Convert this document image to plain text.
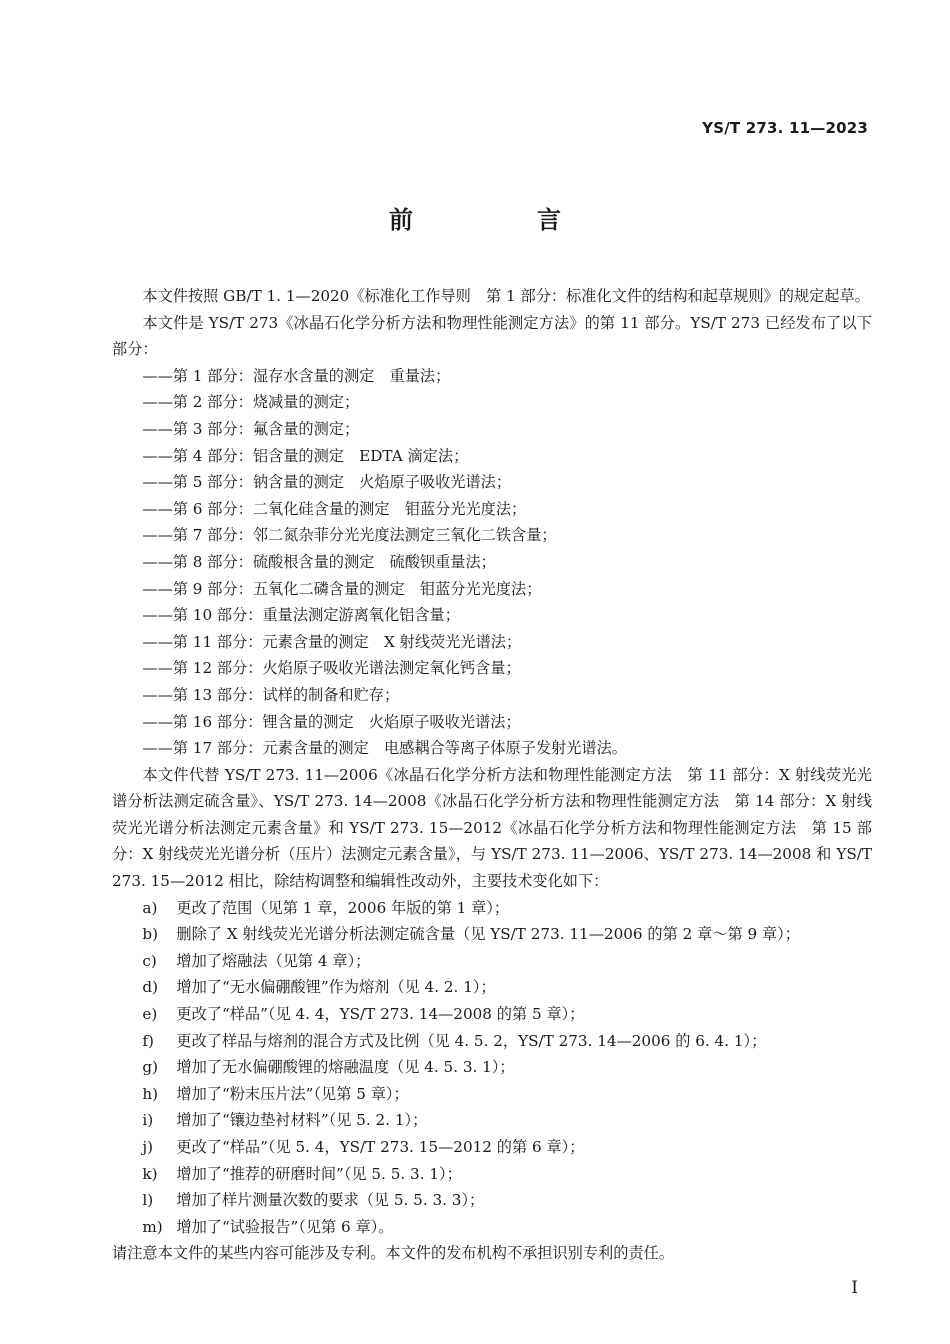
YS/T 273. 11—2023
前　言

本文件按照 GB/T 1. 1—2020《标准化工作导则　第 1 部分：标准化文件的结构和起草规则》的规定起草。

本文件是 YS/T 273《冰晶石化学分析方法和物理性能测定方法》的第 11 部分。YS/T 273 已经发布了以下部分：

——第 1 部分：湿存水含量的测定　重量法；

——第 2 部分：烧减量的测定；

——第 3 部分：氟含量的测定；

——第 4 部分：铝含量的测定　EDTA 滴定法；

——第 5 部分：钠含量的测定　火焰原子吸收光谱法；

——第 6 部分：二氧化硅含量的测定　钼蓝分光光度法；

——第 7 部分：邻二氮杂菲分光光度法测定三氧化二铁含量；

——第 8 部分：硫酸根含量的测定　硫酸钡重量法；

——第 9 部分：五氧化二磷含量的测定　钼蓝分光光度法；

——第 10 部分：重量法测定游离氧化铝含量；

——第 11 部分：元素含量的测定　X 射线荧光光谱法；

——第 12 部分：火焰原子吸收光谱法测定氧化钙含量；

——第 13 部分：试样的制备和贮存；

——第 16 部分：锂含量的测定　火焰原子吸收光谱法；

——第 17 部分：元素含量的测定　电感耦合等离子体原子发射光谱法。

本文件代替 YS/T 273. 11—2006《冰晶石化学分析方法和物理性能测定方法　第 11 部分：X 射线荧光光谱分析法测定硫含量》、YS/T 273. 14—2008《冰晶石化学分析方法和物理性能测定方法　第 14 部分：X 射线荧光光谱分析法测定元素含量》和 YS/T 273. 15—2012《冰晶石化学分析方法和物理性能测定方法　第 15 部分：X 射线荧光光谱分析（压片）法测定元素含量》，与 YS/T 273. 11—2006、YS/T 273. 14—2008 和 YS/T 273. 15—2012 相比，除结构调整和编辑性改动外，主要技术变化如下：

a) 更改了范围（见第 1 章，2006 年版的第 1 章）；

b) 删除了 X 射线荧光光谱分析法测定硫含量（见 YS/T 273. 11—2006 的第 2 章～第 9 章）；

c) 增加了熔融法（见第 4 章）；

d) 增加了“无水偏硼酸锂”作为熔剂（见 4. 2. 1）；

e) 更改了“样品”（见 4. 4，YS/T 273. 14—2008 的第 5 章）；

f) 更改了样品与熔剂的混合方式及比例（见 4. 5. 2，YS/T 273. 14—2006 的 6. 4. 1）；

g) 增加了无水偏硼酸锂的熔融温度（见 4. 5. 3. 1）；

h) 增加了“粉末压片法”（见第 5 章）；

i) 增加了“镶边垫衬材料”（见 5. 2. 1）；

j) 更改了“样品”（见 5. 4，YS/T 273. 15—2012 的第 6 章）；

k) 增加了“推荐的研磨时间”（见 5. 5. 3. 1）；

l) 增加了样片测量次数的要求（见 5. 5. 3. 3）；

m) 增加了“试验报告”（见第 6 章）。

请注意本文件的某些内容可能涉及专利。本文件的发布机构不承担识别专利的责任。

I
